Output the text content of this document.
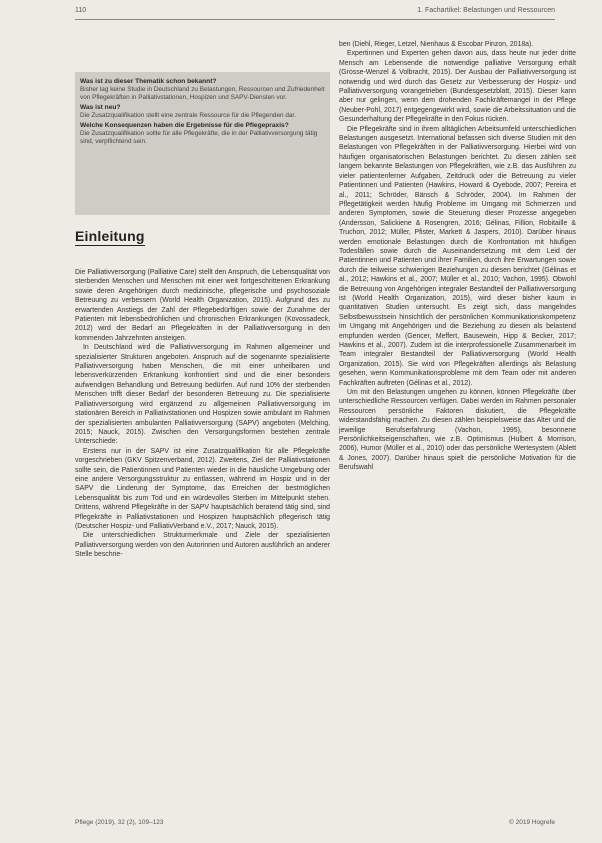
110	1. Fachartikel: Belastungen und Ressourcen
Was ist zu dieser Thematik schon bekannt?
Bisher lag keine Studie in Deutschland zu Belastungen, Ressourcen und Zufriedenheit von Pflegekräften in Palliativstationen, Hospizen und SAPV-Diensten vor.
Was ist neu?
Die Zusatzqualifikation stellt eine zentrale Ressource für die Pflegenden dar.
Welche Konsequenzen haben die Ergebnisse für die Pflegepraxis?
Die Zusatzqualifikation sollte für alle Pflegekräfte, die in der Palliativversorgung tätig sind, verpflichtend sein.
Einleitung

Die Palliativversorgung (Palliative Care) stellt den Anspruch, die Lebensqualität von sterbenden Menschen und Menschen mit einer weit fortgeschrittenen Erkrankung sowie deren Angehörigen durch medizinische, pflegerische und psychosoziale Betreuung zu verbessern (World Health Organization, 2015). Aufgrund des zu erwartenden Anstiegs der Zahl der Pflegebedürftigen sowie der Zunahme der Patienten mit lebensbedrohlichen und chronischen Erkrankungen (Kovossadeck, 2012) wird der Bedarf an Pflegekräften in der Palliativversorgung in den kommenden Jahrzehnten ansteigen.

In Deutschland wird die Palliativversorgung im Rahmen allgemeiner und spezialisierter Strukturen angeboten. Anspruch auf die sogenannte spezialisierte Palliativversorgung haben Menschen, die mit einer unheilbaren und lebensverkürzenden Erkrankung konfrontiert sind und die einer besonders aufwendigen Behandlung und Betreuung bedürfen. Auf rund 10% der sterbenden Menschen trifft dieser Bedarf der besonderen Betreuung zu. Die spezialisierte Palliativversorgung wird ergänzend zu allgemeinen Palliativversorgung im stationären Bereich in Palliativstationen und Hospizen sowie ambulant im Rahmen der spezialisierten ambulanten Palliativversorgung (SAPV) angeboten (Melching, 2015; Nauck, 2015). Zwischen den Versorgungsformen bestehen zentrale Unterschiede:

Erstens nur in der SAPV ist eine Zusatzqualifikation für alle Pflegekräfte vorgeschrieben (GKV Spitzenverband, 2012). Zweitens, Ziel der Palliativstationen sollte sein, die Patientinnen und Patienten wieder in die häusliche Umgebung oder eine andere Versorgungsstruktur zu entlassen, während im Hospiz und in der SAPV die Linderung der Symptome, das Erreichen der bestmöglichen Lebensqualität bis zum Tod und ein würdevolles Sterben im Mittelpunkt stehen. Drittens, während Pflegekräfte in der SAPV hauptsächlich beratend tätig sind, sind Pflegekräfte in Palliativstationen und Hospizen hauptsächlich pflegerisch tätig (Deutscher Hospiz- und PalliativVerband e.V., 2017; Nauck, 2015).

Die unterschiedlichen Strukturmerkmale und Ziele der spezialisierten Palliativversorgung werden von den Autorinnen und Autoren ausführlich an anderer Stelle beschrie-

ben (Diehl, Rieger, Letzel, Nienhaus & Escobar Pinzon, 2018a).

Expertinnen und Experten gehen davon aus, dass heute nur jeder dritte Mensch am Lebensende die notwendige palliative Versorgung erhält (Grosse-Wenzel & Volbracht, 2015). Der Ausbau der Palliativversorgung ist notwendig und wird durch das Gesetz zur Verbesserung der Hospiz- und Palliativversorgung vorangetrieben (Bundesgesetzblatt, 2015). Dieser kann aber nur gelingen, wenn dem drohenden Fachkräftemangel in der Pflege (Neuber-Pohl, 2017) entgegengewirkt wird, sowie die Arbeitssituation und die Gesunderhaltung der Pflegekräfte in den Fokus rücken.

Die Pflegekräfte sind in ihrem alltäglichen Arbeitsumfeld unterschiedlichen Belastungen ausgesetzt. International befassen sich diverse Studien mit den Belastungen von Pflegekräften in der Palliativversorgung. Hierbei wird von häufigen organisatorischen Belastungen berichtet. Zu diesen zählen seit langem bekannte Belastungen von Pflegekräften, wie z.B. das Ausführen zu vieler patientenferner Aufgaben, Zeitdruck oder die Betreuung zu vieler Patientinnen und Patienten (Hawkins, Howard & Oyebode, 2007; Pereira et al., 2011; Schröder, Bänsch & Schröder, 2004). Im Rahmen der Pflegetätigkeit werden häufig Probleme im Umgang mit Schmerzen und anderen Symptomen, sowie die Steuerung dieser Prozesse angegeben (Andersson, Salickiene & Rosengren, 2016; Gélinas, Fillion, Robitaille & Truchon, 2012; Müller, Pfister, Markett & Jaspers, 2010). Darüber hinaus werden emotionale Belastungen durch die Konfrontation mit häufigen Todesfällen sowie durch die Auseinandersetzung mit dem Leid der Patientinnen und Patienten und ihrer Familien, durch ihre Erwartungen sowie durch die teilweise schwierigen Beziehungen zu diesen berichtet (Gélinas et al., 2012; Hawkins et al., 2007; Müller et al., 2010; Vachon, 1995). Obwohl die Betreuung von Angehörigen integraler Bestandteil der Palliativversorgung ist (World Health Organization, 2015), wird dieser bisher kaum in quantitativen Studien untersucht. Es zeigt sich, dass mangelndes Selbstbewusstsein hinsichtlich der persönlichen Kommunikationskompetenz im Umgang mit Angehörigen und die Beziehung zu diesen als belastend empfunden werden (Gencer, Meffert, Bausewein, Hipp & Becker, 2017; Hawkins et al., 2007). Zudem ist die interprofessionelle Zusammenarbeit im Team integraler Bestandteil der Palliativversorgung (World Health Organization, 2015). Sie wird von Pflegekräften allerdings als Belastung gesehen, wenn Kommunikationsprobleme mit dem Team oder mit anderen Fachkräften auftreten (Gélinas et al., 2012).

Um mit den Belastungen umgehen zu können, können Pflegekräfte über unterschiedliche Ressourcen verfügen. Dabei werden im Rahmen personaler Ressourcen persönliche Faktoren diskutiert, die Pflegekräfte widerstandsfähig machen. Zu diesen zählen beispielsweise das Alter und die jeweilige Berufserfahrung (Vachon, 1995), besonnene Persönlichkeitseigenschaften, wie z.B. Optimismus (Hulbert & Morrison, 2006), Humor (Müller et al., 2010) oder das persönliche Wertesystem (Ablett & Jones, 2007). Darüber hinaus spielt die persönliche Motivation für die Berufswahl

Pflege (2019), 32 (2), 109–123	© 2019 Hogrefe
